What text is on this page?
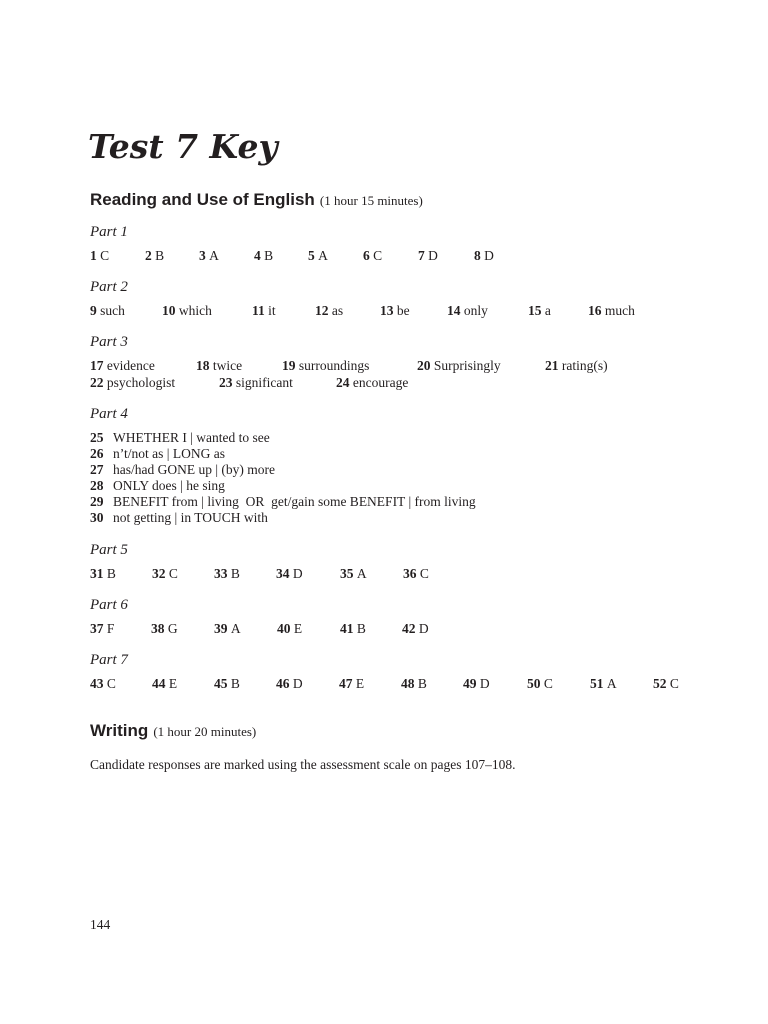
Test 7 Key
Reading and Use of English (1 hour 15 minutes)
Part 1
1 C	2 B	3 A	4 B	5 A	6 C	7 D	8 D
Part 2
9 such	10 which	11 it	12 as	13 be	14 only	15 a	16 much
Part 3
17 evidence	18 twice	19 surroundings	20 Surprisingly	21 rating(s)
22 psychologist	23 significant	24 encourage
Part 4
25 WHETHER I | wanted to see
26 n’t/not as | LONG as
27 has/had GONE up | (by) more
28 ONLY does | he sing
29 BENEFIT from | living  OR  get/gain some BENEFIT | from living
30 not getting | in TOUCH with
Part 5
31 B	32 C	33 B	34 D	35 A	36 C
Part 6
37 F	38 G	39 A	40 E	41 B	42 D
Part 7
43 C	44 E	45 B	46 D	47 E	48 B	49 D	50 C	51 A	52 C
Writing (1 hour 20 minutes)
Candidate responses are marked using the assessment scale on pages 107–108.
144
